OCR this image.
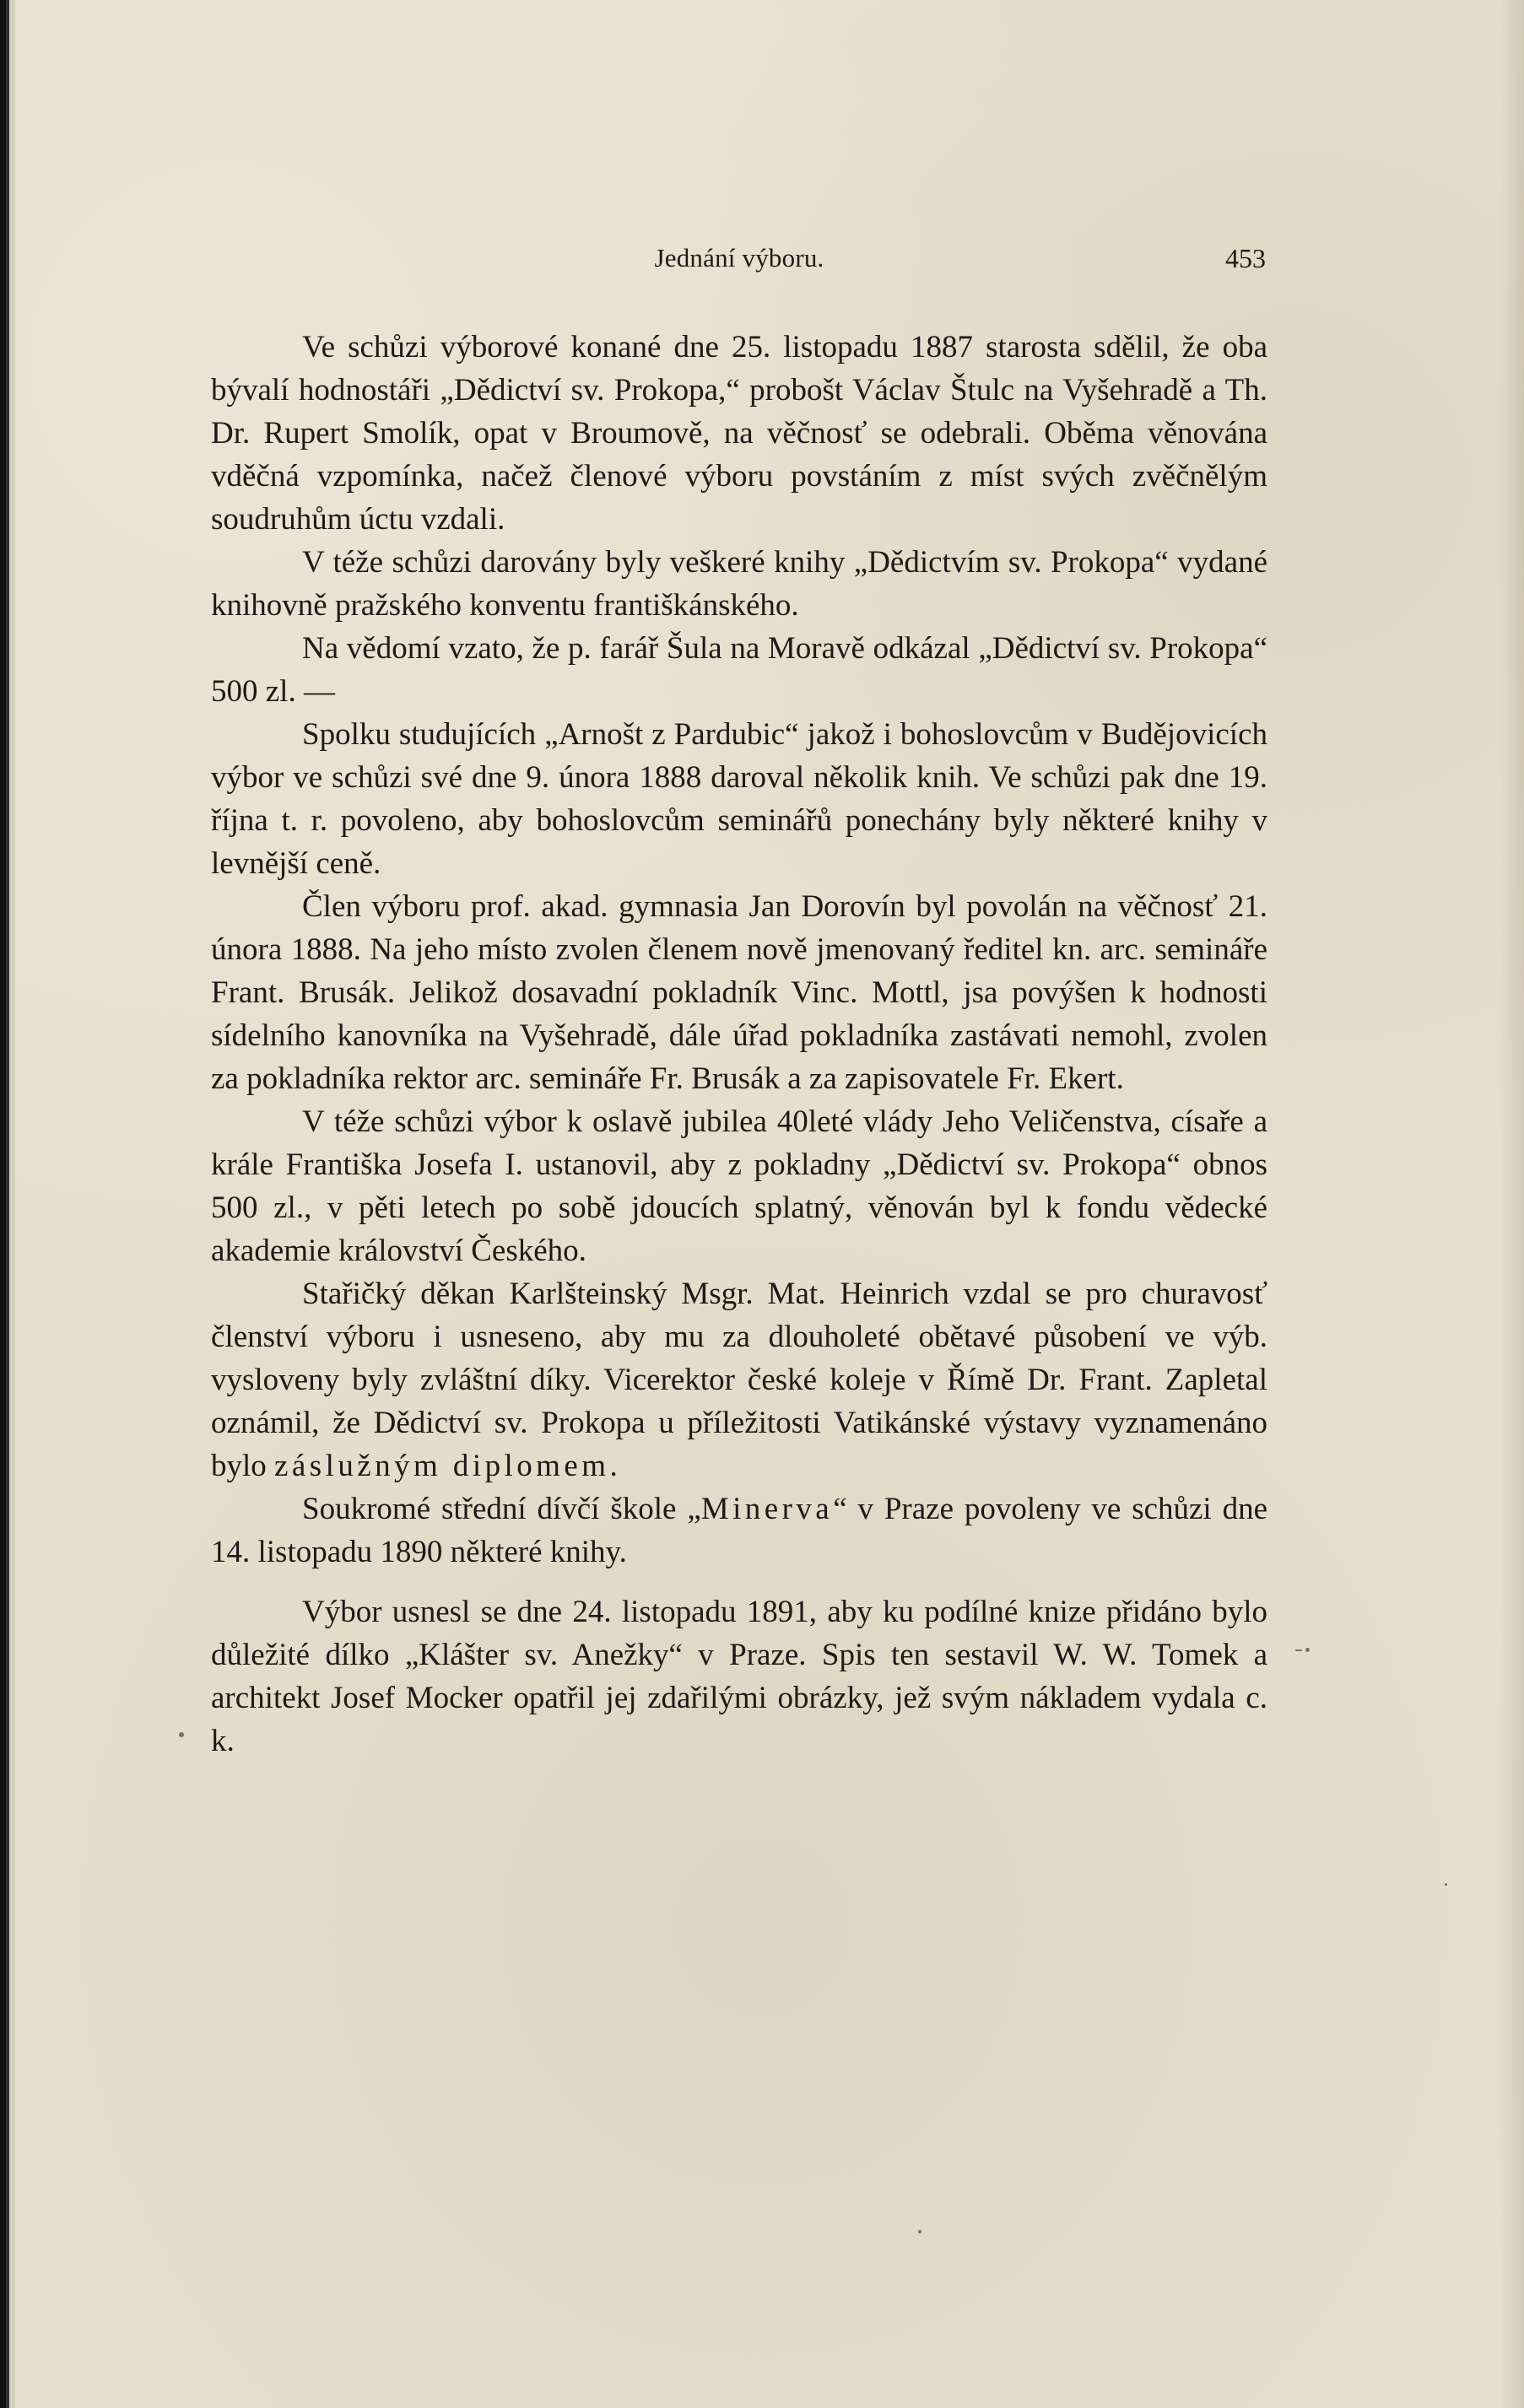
Jednání výboru.	453

Ve schůzi výborové konané dne 25. listopadu 1887 starosta sdělil, že oba bývalí hodnostáři „Dědictví sv. Prokopa,“ probošt Václav Štulc na Vyšehradě a Th. Dr. Rupert Smolík, opat v Broumově, na věčnosť se odebrali. Oběma věnována vděčná vzpomínka, načež členové výboru povstáním z míst svých zvěčnělým soudruhům úctu vzdali.

V téže schůzi darovány byly veškeré knihy „Dědictvím sv. Prokopa“ vydané knihovně pražského konventu františkánského.

Na vědomí vzato, že p. farář Šula na Moravě odkázal „Dědictví sv. Prokopa“ 500 zl. —

Spolku studujících „Arnošt z Pardubic“ jakož i bohoslovcům v Budějovicích výbor ve schůzi své dne 9. února 1888 daroval několik knih. Ve schůzi pak dne 19. října t. r. povoleno, aby bohoslovcům seminářů ponechány byly některé knihy v levnější ceně.

Člen výboru prof. akad. gymnasia Jan Dorovín byl povolán na věčnosť 21. února 1888. Na jeho místo zvolen členem nově jmenovaný ředitel kn. arc. semináře Frant. Brusák. Jelikož dosavadní pokladník Vinc. Mottl, jsa povýšen k hodnosti sídelního kanovníka na Vyšehradě, dále úřad pokladníka zastávati nemohl, zvolen za pokladníka rektor arc. semináře Fr. Brusák a za zapisovatele Fr. Ekert.

V téže schůzi výbor k oslavě jubilea 40leté vlády Jeho Veličenstva, císaře a krále Františka Josefa I. ustanovil, aby z pokladny „Dědictví sv. Prokopa“ obnos 500 zl., v pěti letech po sobě jdoucích splatný, věnován byl k fondu vědecké akademie království Českého.

Stařičký děkan Karlšteinský Msgr. Mat. Heinrich vzdal se pro churavosť členství výboru i usneseno, aby mu za dlouholeté obětavé působení ve výb. vysloveny byly zvláštní díky. Vicerektor české koleje v Římě Dr. Frant. Zapletal oznámil, že Dědictví sv. Prokopa u příležitosti Vatikánské výstavy vyznamenáno bylo záslužným diplomem.

Soukromé střední dívčí škole „Minerva“ v Praze povoleny ve schůzi dne 14. listopadu 1890 některé knihy.

Výbor usnesl se dne 24. listopadu 1891, aby ku podílné knize přidáno bylo důležité dílko „Klášter sv. Anežky“ v Praze. Spis ten sestavil W. W. Tomek a architekt Josef Mocker opatřil jej zdařilými obrázky, jež svým nákladem vydala c. k.
